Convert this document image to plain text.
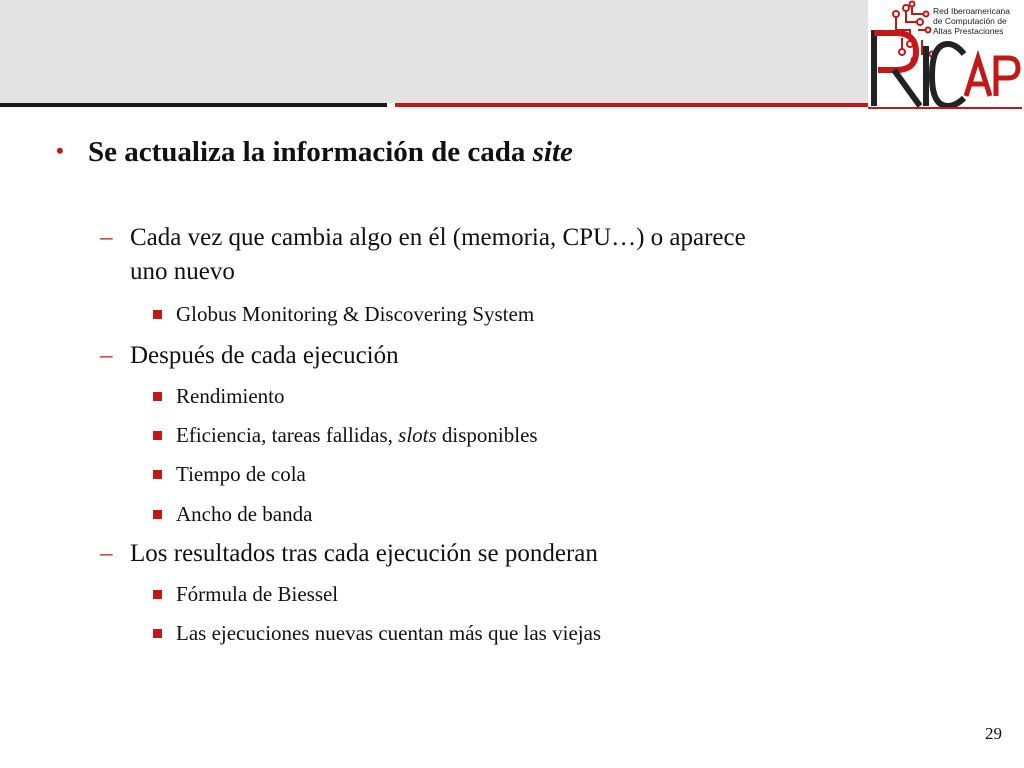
Red Iberoamericana
de Computación de
Altas Prestaciones
• Se actualiza la información de cada site
– Cada vez que cambia algo en él (memoria, CPU…) o aparece
uno nuevo
Globus Monitoring & Discovering System
– Después de cada ejecución
Rendimiento
Eficiencia, tareas fallidas, slots disponibles
Tiempo de cola
Ancho de banda
– Los resultados tras cada ejecución se ponderan
Fórmula de Biessel
Las ejecuciones nuevas cuentan más que las viejas
29
